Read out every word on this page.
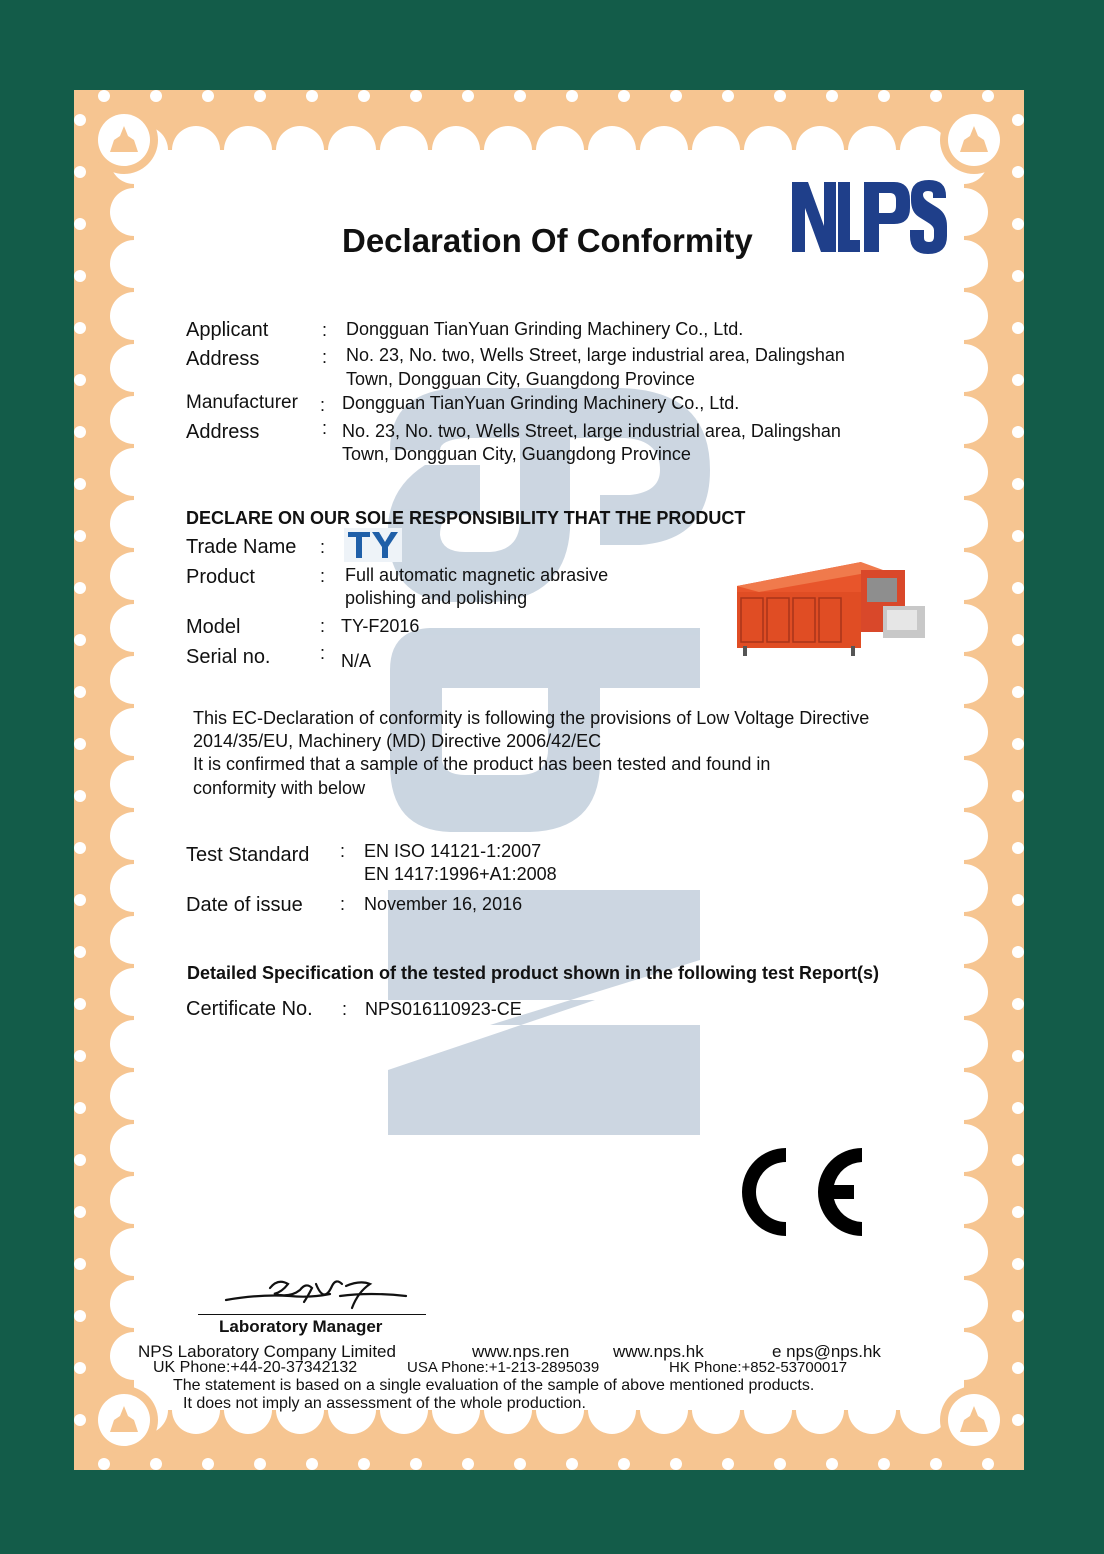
Declaration Of Conformity
Applicant	: Dongguan TianYuan Grinding Machinery Co., Ltd.
Address	: No. 23, No. two, Wells Street, large industrial area, Dalingshan
Town, Dongguan City, Guangdong Province
Manufacturer : Dongguan TianYuan Grinding Machinery Co., Ltd.
Address	: No. 23, No. two, Wells Street, large industrial area, Dalingshan
Town, Dongguan City, Guangdong Province
DECLARE ON OUR SOLE RESPONSIBILITY THAT THE PRODUCT
Trade Name :
Product	: Full automatic magnetic abrasive
polishing and polishing
Model	: TY-F2016
Serial no.	: N/A
This EC-Declaration of conformity is following the provisions of Low Voltage Directive
2014/35/EU, Machinery (MD) Directive 2006/42/EC
It is confirmed that a sample of the product has been tested and found in
conformity with below
Test Standard : EN ISO 14121-1:2007
EN 1417:1996+A1:2008
Date of issue : November 16, 2016
Detailed Specification of the tested product shown in the following test Report(s)
Certificate No. : NPS016110923-CE
Laboratory Manager
NPS Laboratory Company Limited	www.nps.ren	www.nps.hk	e nps@nps.hk
UK Phone:+44-20-37342132	USA Phone:+1-213-2895039	HK Phone:+852-53700017
The statement is based on a single evaluation of the sample of above mentioned products.
It does not imply an assessment of the whole production.
